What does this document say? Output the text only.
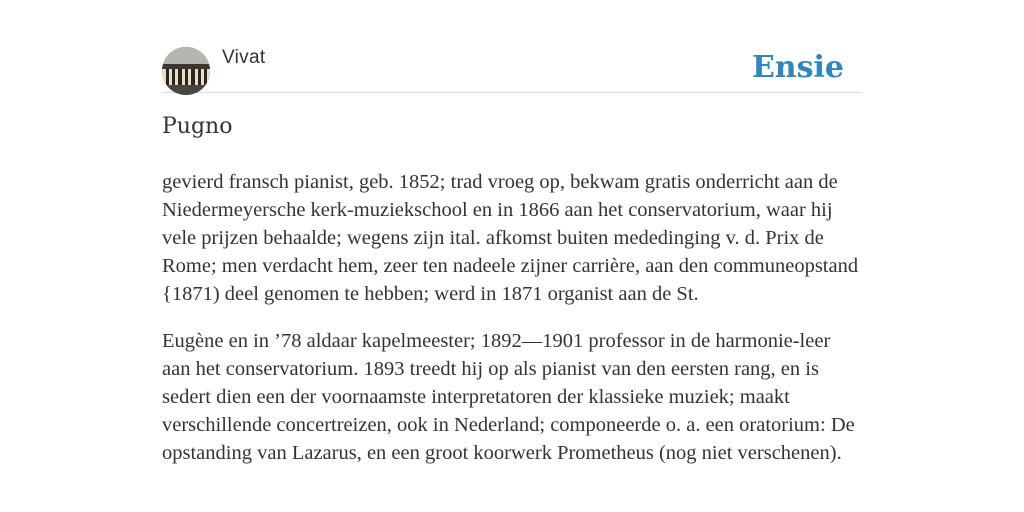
Vivat	Ensie
Pugno

gevierd fransch pianist, geb. 1852; trad vroeg op, bekwam gratis onderricht aan de Niedermeyersche kerk-muziekschool en in 1866 aan het conservatorium, waar hij vele prijzen behaalde; wegens zijn ital. afkomst buiten mededinging v. d. Prix de Rome; men verdacht hem, zeer ten nadeele zijner carrière, aan den communeopstand {1871) deel genomen te hebben; werd in 1871 organist aan de St.

Eugène en in ’78 aldaar kapelmeester; 1892—1901 professor in de harmonie-leer aan het conservatorium. 1893 treedt hij op als pianist van den eersten rang, en is sedert dien een der voornaamste interpretatoren der klassieke muziek; maakt verschillende concertreizen, ook in Nederland; componeerde o. a. een oratorium: De opstanding van Lazarus, en een groot koorwerk Prometheus (nog niet verschenen).
